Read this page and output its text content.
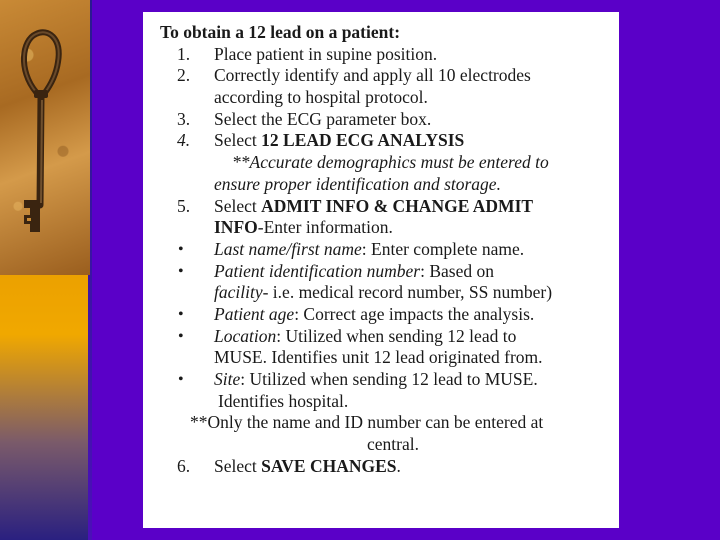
To obtain a 12 lead on a patient:
1. Place patient in supine position.
2. Correctly identify and apply all 10 electrodes
according to hospital protocol.
3. Select the ECG parameter box.
4. Select 12 LEAD ECG ANALYSIS
**Accurate demographics must be entered to
ensure proper identification and storage.
5. Select ADMIT INFO & CHANGE ADMIT
INFO-Enter information.
• Last name/first name: Enter complete name.
• Patient identification number: Based on
facility- i.e. medical record number, SS number)
• Patient age: Correct age impacts the analysis.
• Location: Utilized when sending 12 lead to
MUSE. Identifies unit 12 lead originated from.
• Site: Utilized when sending 12 lead to MUSE.
Identifies hospital.
**Only the name and ID number can be entered at
central.
6. Select SAVE CHANGES.
